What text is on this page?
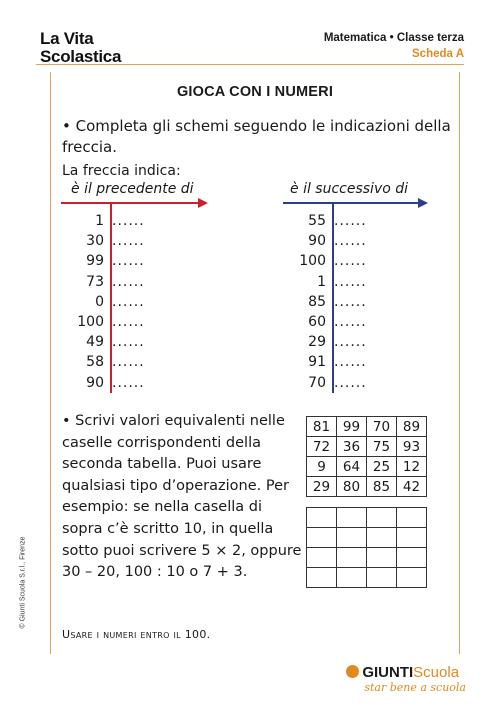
La Vita
Scolastica
Matematica • Classe terza
Scheda A
GIOCA CON I NUMERI
• Completa gli schemi seguendo le indicazioni della freccia.
La freccia indica:
è il precedente di	è il successivo di
1 ......
30 ......
99 ......
73 ......
0 ......
100 ......
49 ......
58 ......
90 ......
55 ......
90 ......
100 ......
1 ......
85 ......
60 ......
29 ......
91 ......
70 ......
• Scrivi valori equivalenti nelle caselle corrispondenti della seconda tabella. Puoi usare qualsiasi tipo d’operazione. Per esempio: se nella casella di sopra c’è scritto 10, in quella sotto puoi scrivere 5 × 2, oppure 30 – 20, 100 : 10 o 7 + 3.
81	99	70	89
72	36	75	93
9	64	25	12
29	80	85	42

Usare i numeri entro il 100.
© Giunti Scuola S.r.l., Firenze
GIUNTIScuola
star bene a scuola
